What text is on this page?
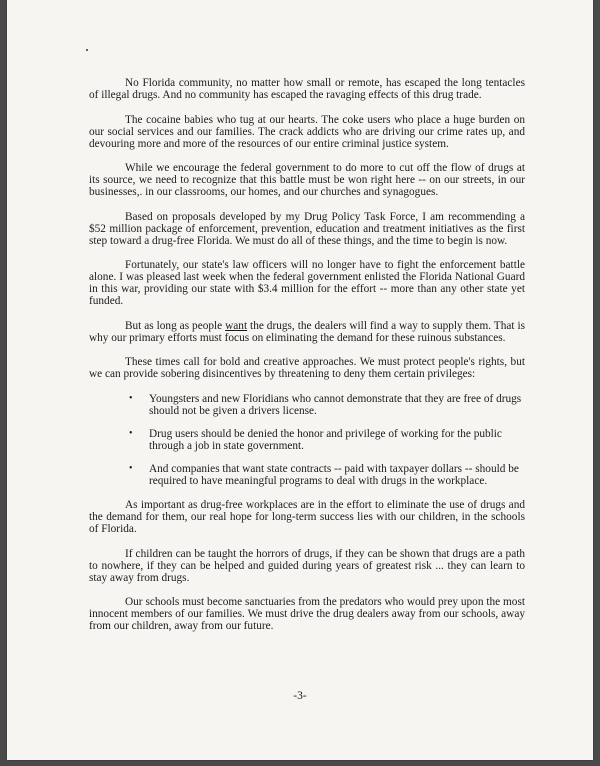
No Florida community, no matter how small or remote, has escaped the long tentacles of illegal drugs. And no community has escaped the ravaging effects of this drug trade.

The cocaine babies who tug at our hearts. The coke users who place a huge burden on our social services and our families. The crack addicts who are driving our crime rates up, and devouring more and more of the resources of our entire criminal justice system.

While we encourage the federal government to do more to cut off the flow of drugs at its source, we need to recognize that this battle must be won right here -- on our streets, in our businesses,. in our classrooms, our homes, and our churches and synagogues.

Based on proposals developed by my Drug Policy Task Force, I am recommending a $52 million package of enforcement, prevention, education and treatment initiatives as the first step toward a drug-free Florida. We must do all of these things, and the time to begin is now.

Fortunately, our state's law officers will no longer have to fight the enforcement battle alone. I was pleased last week when the federal government enlisted the Florida National Guard in this war, providing our state with $3.4 million for the effort -- more than any other state yet funded.

But as long as people want the drugs, the dealers will find a way to supply them. That is why our primary efforts must focus on eliminating the demand for these ruinous substances.

These times call for bold and creative approaches. We must protect people's rights, but we can provide sobering disincentives by threatening to deny them certain privileges:

• Youngsters and new Floridians who cannot demonstrate that they are free of drugs should not be given a drivers license.
• Drug users should be denied the honor and privilege of working for the public through a job in state government.
• And companies that want state contracts -- paid with taxpayer dollars -- should be required to have meaningful programs to deal with drugs in the workplace.

As important as drug-free workplaces are in the effort to eliminate the use of drugs and the demand for them, our real hope for long-term success lies with our children, in the schools of Florida.

If children can be taught the horrors of drugs, if they can be shown that drugs are a path to nowhere, if they can be helped and guided during years of greatest risk ... they can learn to stay away from drugs.

Our schools must become sanctuaries from the predators who would prey upon the most innocent members of our families. We must drive the drug dealers away from our schools, away from our children, away from our future.

-3-
